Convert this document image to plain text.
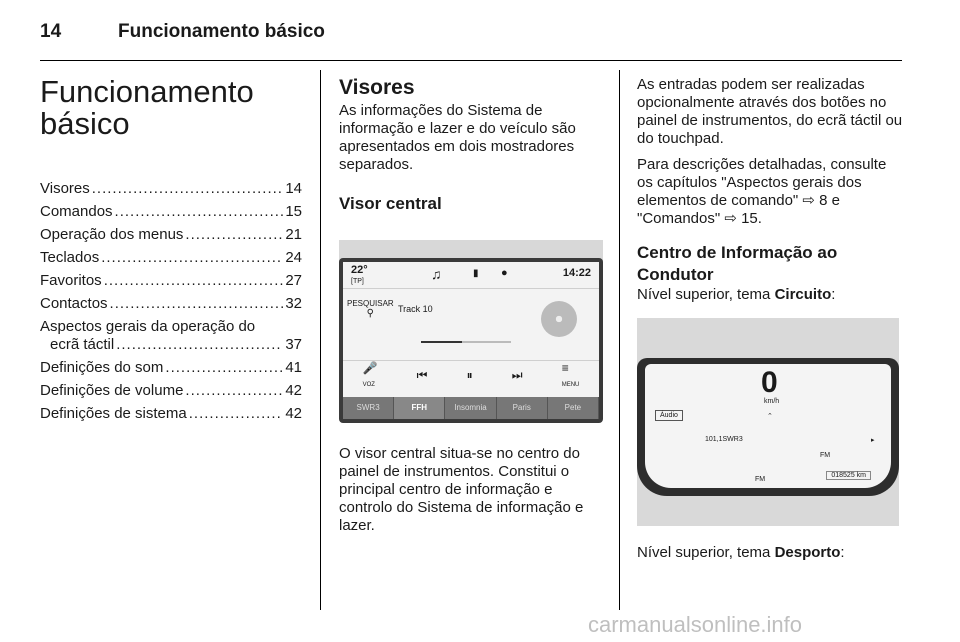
14	Funcionamento básico
Funcionamento
básico
Visores .....	14
Comandos .....	15
Operação dos menus .....	21
Teclados .....	24
Favoritos .....	27
Contactos .....	32
Aspectos gerais da operação do
ecrã táctil .....	37
Definições do som .....	41
Definições de volume .....	42
Definições de sistema .....	42
Visores

As informações do Sistema de informação e lazer e do veículo são apresentados em dois mostradores separados.

Visor central
22°
[TP]	♫	▮ ●	14:22
PESQUISAR
⚲	Track 10
🎤
VOZ
⏮	⏸	⏭	≡
MENU
SWR3	FFH	Insomnia	Paris	Pete

O visor central situa-se no centro do painel de instrumentos. Constitui o principal centro de informação e controlo do Sistema de informação e lazer.

As entradas podem ser realizadas opcionalmente através dos botões no painel de instrumentos, do ecrã táctil ou do touchpad.

Para descrições detalhadas, consulte os capítulos "Aspectos gerais dos elementos de comando" ⇨ 8 e "Comandos" ⇨ 15.

Centro de Informação ao Condutor

Nível superior, tema Circuito:

0
km/h
⌃
Áudio
101,1SWR3
FM
FM
▸
018525 km

Nível superior, tema Desporto:

carmanualsonline.info
